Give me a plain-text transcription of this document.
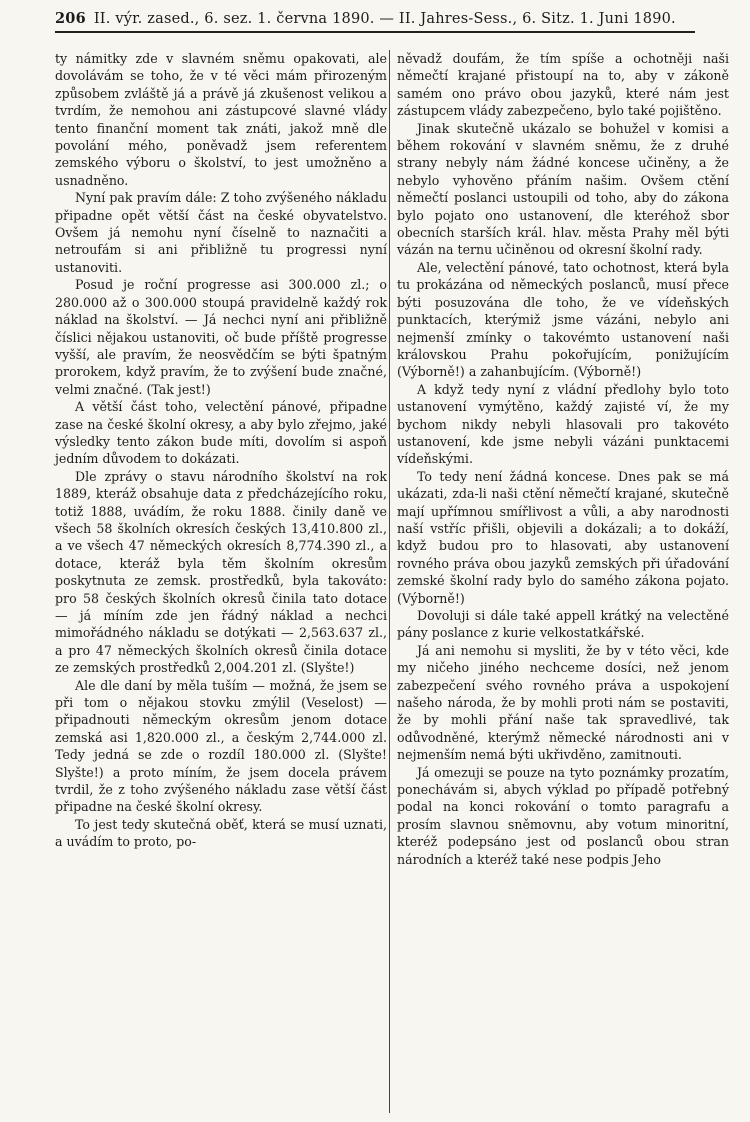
206 II. výr. zased., 6. sez. 1. června 1890. — II. Jahres-Sess., 6. Sitz. 1. Juni 1890.

ty námitky zde v slavném sněmu opakovati, ale dovolávám se toho, že v té věci mám přirozeným způsobem zvláště já a právě já zkušenost velikou a tvrdím, že nemohou ani zástupcové slavné vlády tento finanční moment tak znáti, jakož mně dle povolání mého, poněvadž jsem referentem zemského výboru o školství, to jest umožněno a usnadněno.

Nyní pak pravím dále: Z toho zvýšeného nákladu připadne opět větší část na české obyvatelstvo. Ovšem já nemohu nyní číselně to naznačiti a netroufám si ani přibližně tu progressi nyní ustanoviti.

Posud je roční progresse asi 300.000 zl.; o 280.000 až o 300.000 stoupá pravidelně každý rok náklad na školství. — Já nechci nyní ani přibližně číslici nějakou ustanoviti, oč bude příště progresse vyšší, ale pravím, že neosvědčím se býti špatným prorokem, když pravím, že to zvýšení bude značné, velmi značné. (Tak jest!)

A větší část toho, velectění pánové, připadne zase na české školní okresy, a aby bylo zřejmo, jaké výsledky tento zákon bude míti, dovolím si aspoň jedním důvodem to dokázati.

Dle zprávy o stavu národního školství na rok 1889, kteráž obsahuje data z předcházejícího roku, totiž 1888, uvádím, že roku 1888. činily daně ve všech 58 školních okresích českých 13,410.800 zl., a ve všech 47 německých okresích 8,774.390 zl., a dotace, kteráž byla těm školním okresům poskytnuta ze zemsk. prostředků, byla takováto: pro 58 českých školních okresů činila tato dotace — já míním zde jen řádný náklad a nechci mimořádného nákladu se dotýkati — 2,563.637 zl., a pro 47 německých školních okresů činila dotace ze zemských prostředků 2,004.201 zl. (Slyšte!)

Ale dle daní by měla tuším — možná, že jsem se při tom o nějakou stovku zmýlil (Veselost) — připadnouti německým okresům jenom dotace zemská asi 1,820.000 zl., a českým 2,744.000 zl. Tedy jedná se zde o rozdíl 180.000 zl. (Slyšte! Slyšte!) a proto míním, že jsem docela právem tvrdil, že z toho zvýšeného nákladu zase větší část připadne na české školní okresy.

To jest tedy skutečná oběť, která se musí uznati, a uvádím to proto, po-

něvadž doufám, že tím spíše a ochotněji naši němečtí krajané přistoupí na to, aby v zákoně samém ono právo obou jazyků, které nám jest zástupcem vlády zabezpečeno, bylo také pojištěno.

Jinak skutečně ukázalo se bohužel v komisi a během rokování v slavném sněmu, že z druhé strany nebyly nám žádné koncese učiněny, a že nebylo vyhověno přáním našim. Ovšem ctění němečtí poslanci ustoupili od toho, aby do zákona bylo pojato ono ustanovení, dle kteréhož sbor obecních starších král. hlav. města Prahy měl býti vázán na ternu učiněnou od okresní školní rady.

Ale, velectění pánové, tato ochotnost, která byla tu prokázána od německých poslanců, musí přece býti posuzována dle toho, že ve vídeňských punktacích, kterýmiž jsme vázáni, nebylo ani nejmenší zmínky o takovémto ustanovení naši královskou Prahu pokořujícím, ponižujícím (Výborně!) a zahanbujícím. (Výborně!)

A když tedy nyní z vládní předlohy bylo toto ustanovení vymýtěno, každý zajisté ví, že my bychom nikdy nebyli hlasovali pro takovéto ustanovení, kde jsme nebyli vázáni punktacemi vídeňskými.

To tedy není žádná koncese. Dnes pak se má ukázati, zda-li naši ctění němečtí krajané, skutečně mají upřímnou smířlivost a vůli, a aby narodnosti naší vstříc přišli, objevili a dokázali; a to dokáží, když budou pro to hlasovati, aby ustanovení rovného práva obou jazyků zemských při úřadování zemské školní rady bylo do samého zákona pojato. (Výborně!)

Dovoluji si dále také appell krátký na velectěné pány poslance z kurie velkostatkářské.

Já ani nemohu si mysliti, že by v této věci, kde my ničeho jiného nechceme dosíci, než jenom zabezpečení svého rovného práva a uspokojení našeho národa, že by mohli proti nám se postaviti, že by mohli přání naše tak spravedlivé, tak odůvodněné, kterýmž německé národnosti ani v nejmenším nemá býti ukřivděno, zamitnouti.

Já omezuji se pouze na tyto poznámky prozatím, ponechávám si, abych výklad po případě potřebný podal na konci rokování o tomto paragrafu a prosím slavnou sněmovnu, aby votum minoritní, kteréž podepsáno jest od poslanců obou stran národních a kteréž také nese podpis Jeho
